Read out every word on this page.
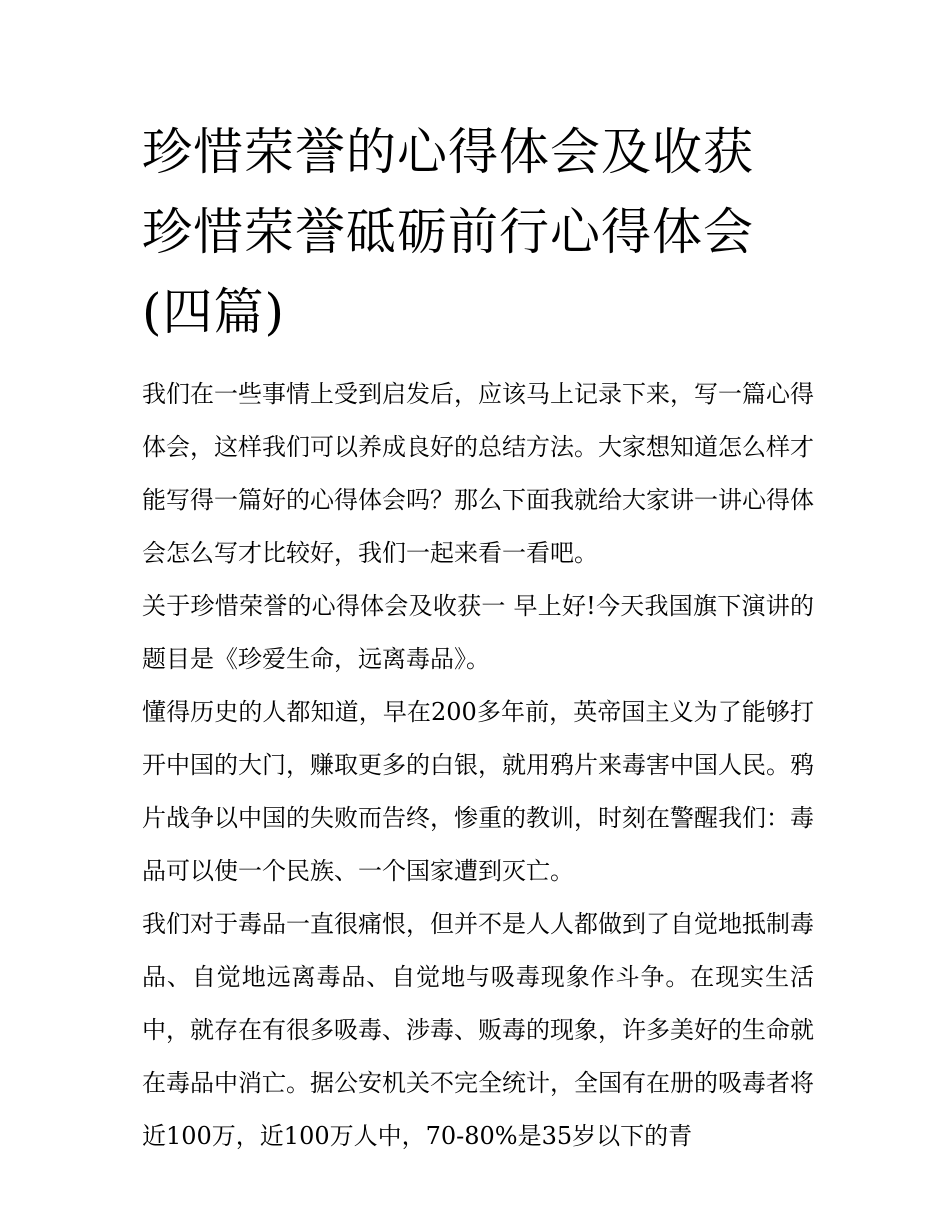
珍惜荣誉的心得体会及收获 珍惜荣誉砥砺前行心得体会(四篇)

我们在一些事情上受到启发后，应该马上记录下来，写一篇心得体会，这样我们可以养成良好的总结方法。大家想知道怎么样才能写得一篇好的心得体会吗？那么下面我就给大家讲一讲心得体会怎么写才比较好，我们一起来看一看吧。

关于珍惜荣誉的心得体会及收获一 早上好!今天我国旗下演讲的题目是《珍爱生命，远离毒品》。

懂得历史的人都知道，早在200多年前，英帝国主义为了能够打开中国的大门，赚取更多的白银，就用鸦片来毒害中国人民。鸦片战争以中国的失败而告终，惨重的教训，时刻在警醒我们：毒品可以使一个民族、一个国家遭到灭亡。

我们对于毒品一直很痛恨，但并不是人人都做到了自觉地抵制毒品、自觉地远离毒品、自觉地与吸毒现象作斗争。在现实生活中，就存在有很多吸毒、涉毒、贩毒的现象，许多美好的生命就在毒品中消亡。据公安机关不完全统计，全国有在册的吸毒者将近100万，近100万人中，70-80%是35岁以下的青
